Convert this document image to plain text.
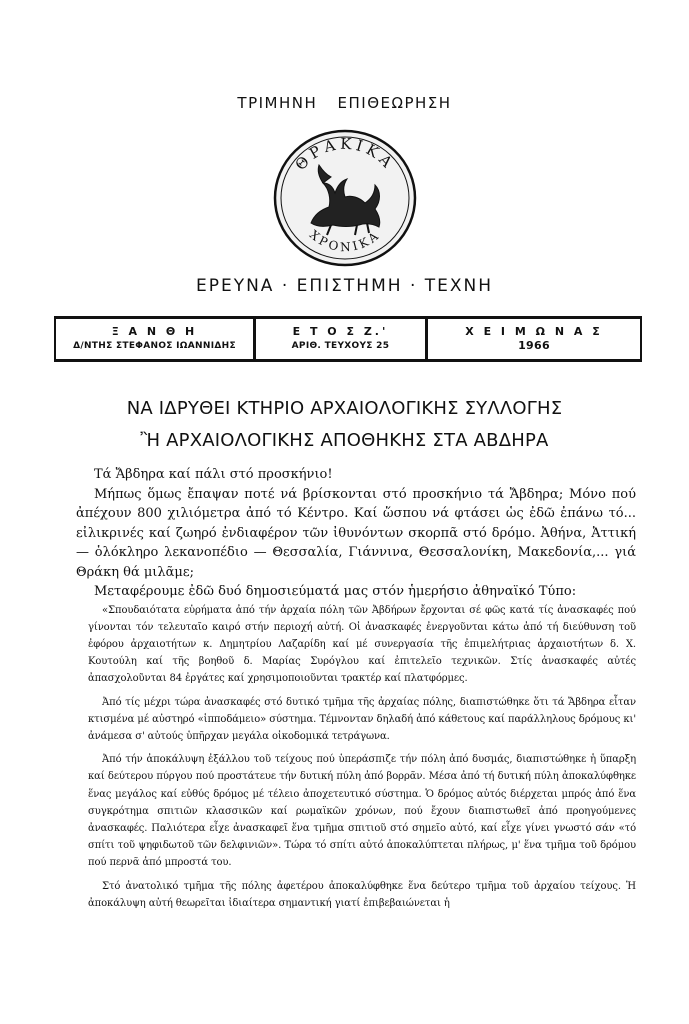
ΤΡΙΜΗΝΗ ΕΠΙΘΕΩΡΗΣΗ
ΘΡΑΚΙΚΑ
ΧΡΟΝΙΚΑ
ΕΡΕΥΝΑ · ΕΠΙΣΤΗΜΗ · ΤΕΧΝΗ
Ξ Α Ν Θ Η
Δ/ΝΤΗΣ ΣΤΕΦΑΝΟΣ ΙΩΑΝΝΙΔΗΣ
Ε Τ Ο Σ Ζ.'
ΑΡΙΘ. ΤΕΥΧΟΥΣ 25
Χ Ε Ι Μ Ω Ν Α Σ
1966
ΝΑ ΙΔΡΥΘΕΙ ΚΤΗΡΙΟ ΑΡΧΑΙΟΛΟΓΙΚΗΣ ΣΥΛΛΟΓΗΣ
Ἢ ΑΡΧΑΙΟΛΟΓΙΚΗΣ ΑΠΟΘΗΚΗΣ ΣΤΑ ΑΒΔΗΡΑ

Τά Ἄβδηρα καί πάλι στό προσκήνιο!

Μήπως ὅμως ἔπαψαν ποτέ νά βρίσκονται στό προσκήνιο τά Ἄβδηρα; Μόνο πού ἀπέχουν 800 χιλιόμετρα ἀπό τό Κέντρο. Καί ὥσπου νά φτάσει ὡς ἐδῶ ἐπάνω τό... εἰλικρινές καί ζωηρό ἐνδιαφέρον τῶν ἰθυνόντων σκορπᾶ στό δρόμο. Ἀθήνα, Ἀττική — ὁλόκληρο λεκανοπέδιο — Θεσσαλία, Γιάννινα, Θεσσαλονίκη, Μακεδονία,... γιά Θράκη θά μιλᾶμε;

Μεταφέρουμε ἐδῶ δυό δημοσιεύματά μας στόν ἡμερήσιο ἀθηναϊκό Τύπο:

«Σπουδαιότατα εὑρήματα ἀπό τήν ἀρχαία πόλη τῶν Ἀβδήρων ἔρχονται σέ φῶς κατά τίς ἀνασκαφές πού γίνονται τόν τελευταῖο καιρό στήν περιοχή αὐτή. Οἱ ἀνασκαφές ἐνεργοῦνται κάτω ἀπό τή διεύθυνση τοῦ ἐφόρου ἀρχαιοτήτων κ. Δημητρίου Λαζαρίδη καί μέ συνεργασία τῆς ἐπιμελήτριας ἀρχαιοτήτων δ. Χ. Κουτούλη καί τῆς βοηθοῦ δ. Μαρίας Συρόγλου καί ἐπιτελεῖο τεχνικῶν. Στίς ἀνασκαφές αὐτές ἀπασχολοῦνται 84 ἐργάτες καί χρησιμοποιοῦνται τρακτέρ καί πλατφόρμες.

Ἀπό τίς μέχρι τώρα ἀνασκαφές στό δυτικό τμῆμα τῆς ἀρχαίας πόλης, διαπιστώθηκε ὅτι τά Ἄβδηρα εἶταν κτισμένα μέ αὐστηρό «ἱπποδάμειο» σύστημα. Τέμνονταν δηλαδή ἀπό κάθετους καί παράλληλους δρόμους κι' ἀνάμεσα σ' αὐτούς ὑπῆρχαν μεγάλα οἰκοδομικά τετράγωνα.

Ἀπό τήν ἀποκάλυψη ἐξάλλου τοῦ τείχους πού ὑπεράσπιζε τήν πόλη ἀπό δυσμάς, διαπιστώθηκε ἡ ὕπαρξη καί δεύτερου πύργου πού προστάτευε τήν δυτική πύλη ἀπό βορρᾶν. Μέσα ἀπό τή δυτική πύλη ἀποκαλύφθηκε ἕνας μεγάλος καί εὐθύς δρόμος μέ τέλειο ἀποχετευτικό σύστημα. Ὁ δρόμος αὐτός διέρχεται μπρός ἀπό ἕνα συγκρότημα σπιτιῶν κλασσικῶν καί ρωμαϊκῶν χρόνων, πού ἔχουν διαπιστωθεῖ ἀπό προηγούμενες ἀνασκαφές. Παλιότερα εἶχε ἀνασκαφεῖ ἕνα τμῆμα σπιτιοῦ στό σημεῖο αὐτό, καί εἶχε γίνει γνωστό σάν «τό σπίτι τοῦ ψηφιδωτοῦ τῶν δελφινιῶν». Τώρα τό σπίτι αὐτό ἀποκαλύπτεται πλήρως, μ' ἕνα τμῆμα τοῦ δρόμου πού περνᾶ ἀπό μπροστά του.

Στό ἀνατολικό τμῆμα τῆς πόλης ἀφετέρου ἀποκαλύφθηκε ἕνα δεύτερο τμῆμα τοῦ ἀρχαίου τείχους. Ἡ ἀποκάλυψη αὐτή θεωρεῖται ἰδιαίτερα σημαντική γιατί ἐπιβεβαιώνεται ἡ
